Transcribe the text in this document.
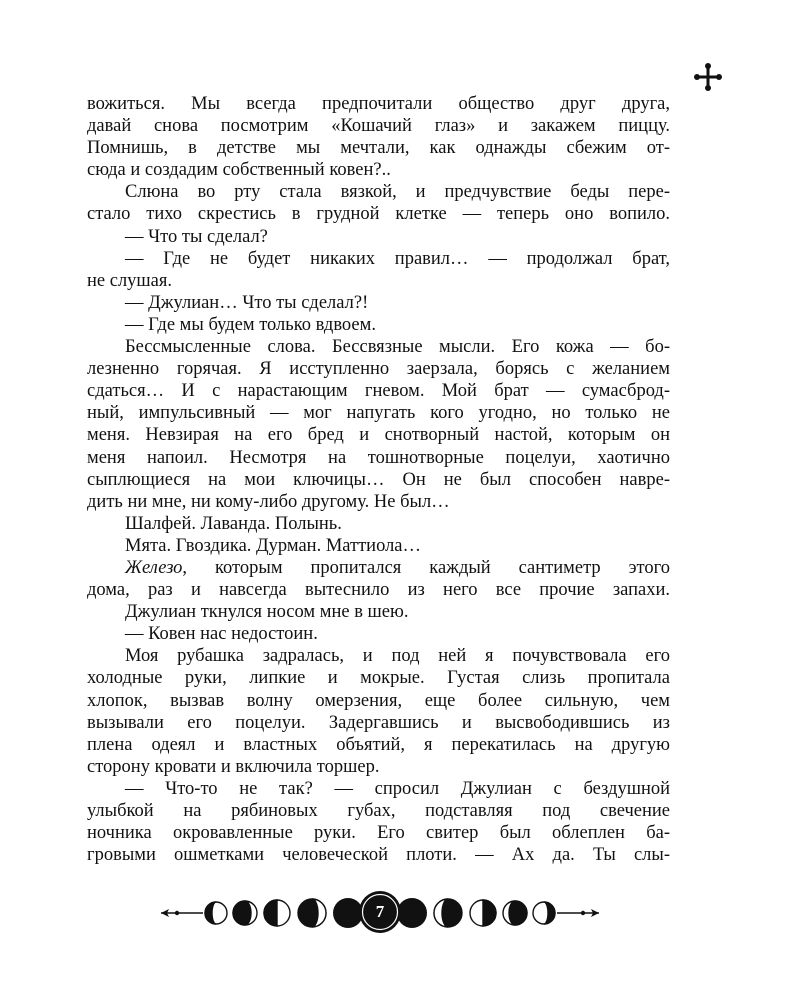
вожиться. Мы всегда предпочитали общество друг друга,
давай снова посмотрим «Кошачий глаз» и закажем пиццу.
Помнишь, в детстве мы мечтали, как однажды сбежим от-
сюда и создадим собственный ковен?..
Слюна во рту стала вязкой, и предчувствие беды пере-
стало тихо скрестись в грудной клетке — теперь оно вопило.
— Что ты сделал?
— Где не будет никаких правил… — продолжал брат,
не слушая.
— Джулиан… Что ты сделал?!
— Где мы будем только вдвоем.
Бессмысленные слова. Бессвязные мысли. Его кожа — бо-
лезненно горячая. Я исступленно заерзала, борясь с желанием
сдаться… И с нарастающим гневом. Мой брат — сумасброд-
ный, импульсивный — мог напугать кого угодно, но только не
меня. Невзирая на его бред и снотворный настой, которым он
меня напоил. Несмотря на тошнотворные поцелуи, хаотично
сыплющиеся на мои ключицы… Он не был способен навре-
дить ни мне, ни кому-либо другому. Не был…
Шалфей. Лаванда. Полынь.
Мята. Гвоздика. Дурман. Маттиола…
Железо, которым пропитался каждый сантиметр этого
дома, раз и навсегда вытеснило из него все прочие запахи.
Джулиан ткнулся носом мне в шею.
— Ковен нас недостоин.
Моя рубашка задралась, и под ней я почувствовала его
холодные руки, липкие и мокрые. Густая слизь пропитала
хлопок, вызвав волну омерзения, еще более сильную, чем
вызывали его поцелуи. Задергавшись и высвободившись из
плена одеял и властных объятий, я перекатилась на другую
сторону кровати и включила торшер.
— Что-то не так? — спросил Джулиан с бездушной
улыбкой на рябиновых губах, подставляя под свечение
ночника окровавленные руки. Его свитер был облеплен ба-
гровыми ошметками человеческой плоти. — Ах да. Ты слы-
7
